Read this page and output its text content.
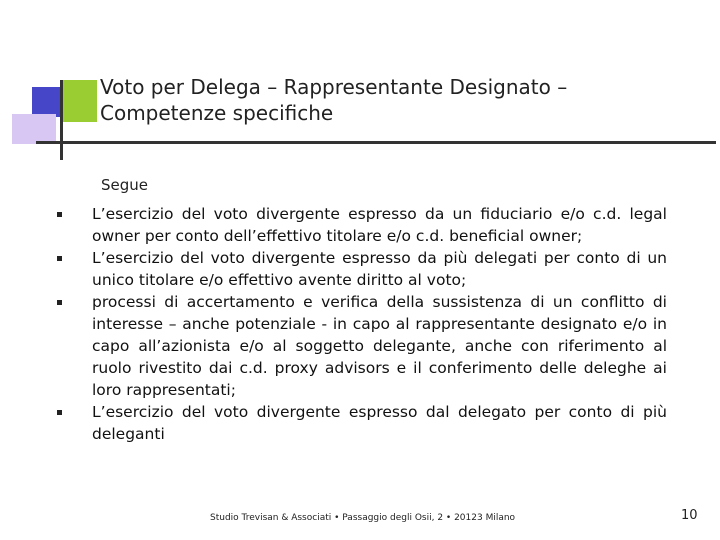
Voto per Delega – Rappresentante Designato –
Competenze specifiche
Segue
L’esercizio del voto divergente espresso da un fiduciario e/o c.d. legal owner per conto dell’effettivo titolare e/o c.d. beneficial owner;
L’esercizio del voto divergente espresso da più delegati per conto di un unico titolare e/o effettivo avente diritto al voto;
processi di accertamento e verifica della sussistenza di un conflitto di interesse – anche potenziale - in capo al rappresentante designato e/o in capo all’azionista e/o al soggetto delegante, anche con riferimento al ruolo rivestito dai c.d. proxy advisors e il conferimento delle deleghe ai loro rappresentati;
L’esercizio del voto divergente espresso dal delegato per conto di più deleganti
Studio Trevisan & Associati • Passaggio degli Osii, 2 • 20123 Milano	10
